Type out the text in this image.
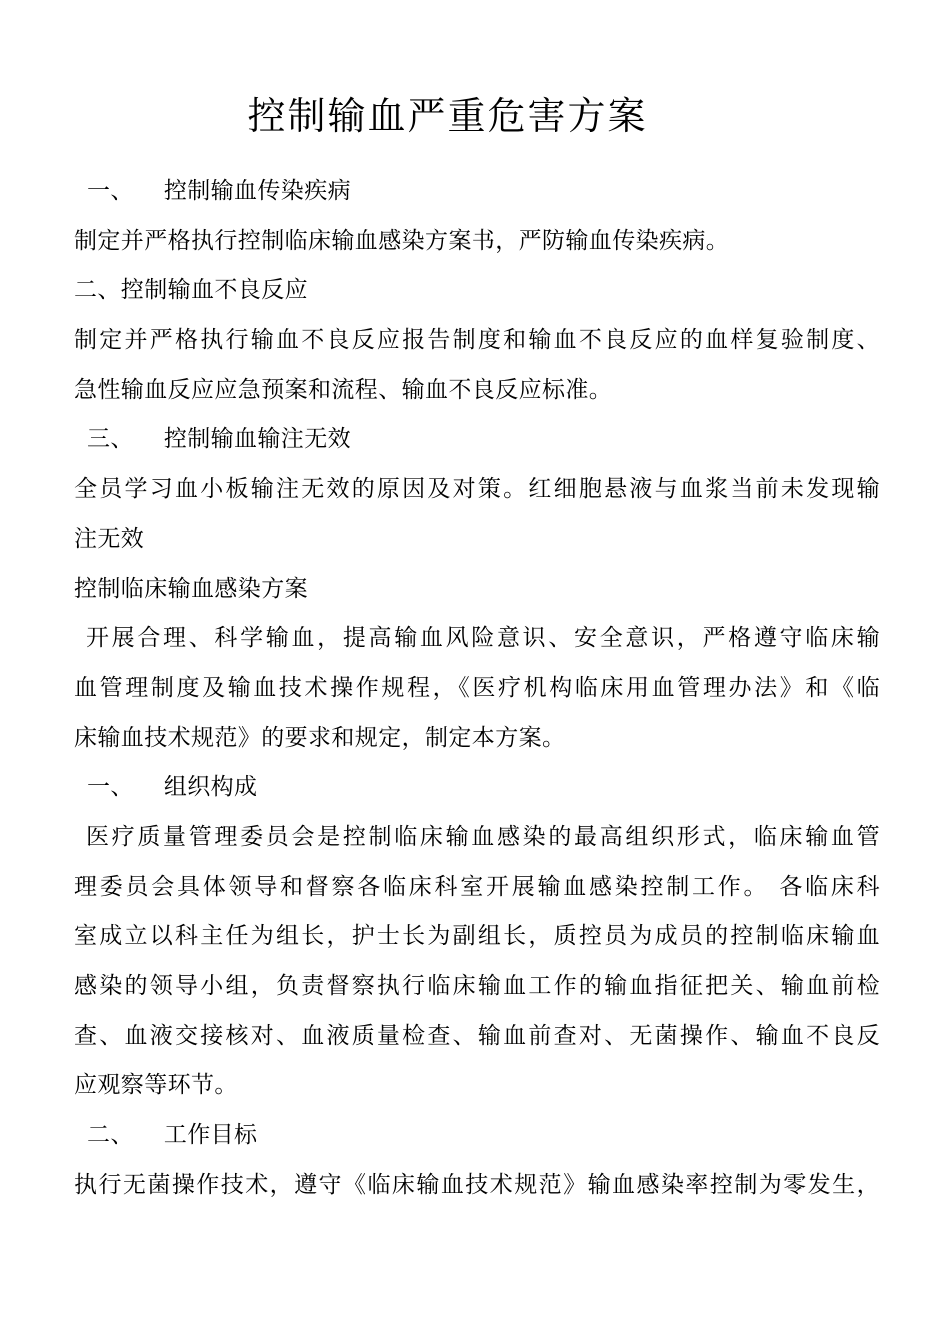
控制输血严重危害方案
一、 控制输血传染疾病
制定并严格执行控制临床输血感染方案书，严防输血传染疾病。
二、控制输血不良反应
制定并严格执行输血不良反应报告制度和输血不良反应的血样复验制度、
急性输血反应应急预案和流程、输血不良反应标准。
三、 控制输血输注无效
全员学习血小板输注无效的原因及对策。红细胞悬液与血浆当前未发现输
注无效
控制临床输血感染方案
开展合理、科学输血，提高输血风险意识、安全意识，严格遵守临床输
血管理制度及输血技术操作规程，《医疗机构临床用血管理办法》和《临
床输血技术规范》的要求和规定，制定本方案。
一、 组织构成
医疗质量管理委员会是控制临床输血感染的最高组织形式，临床输血管
理委员会具体领导和督察各临床科室开展输血感染控制工作。 各临床科
室成立以科主任为组长，护士长为副组长，质控员为成员的控制临床输血
感染的领导小组，负责督察执行临床输血工作的输血指征把关、输血前检
查、血液交接核对、血液质量检查、输血前查对、无菌操作、输血不良反
应观察等环节。
二、 工作目标
执行无菌操作技术，遵守《临床输血技术规范》输血感染率控制为零发生，
